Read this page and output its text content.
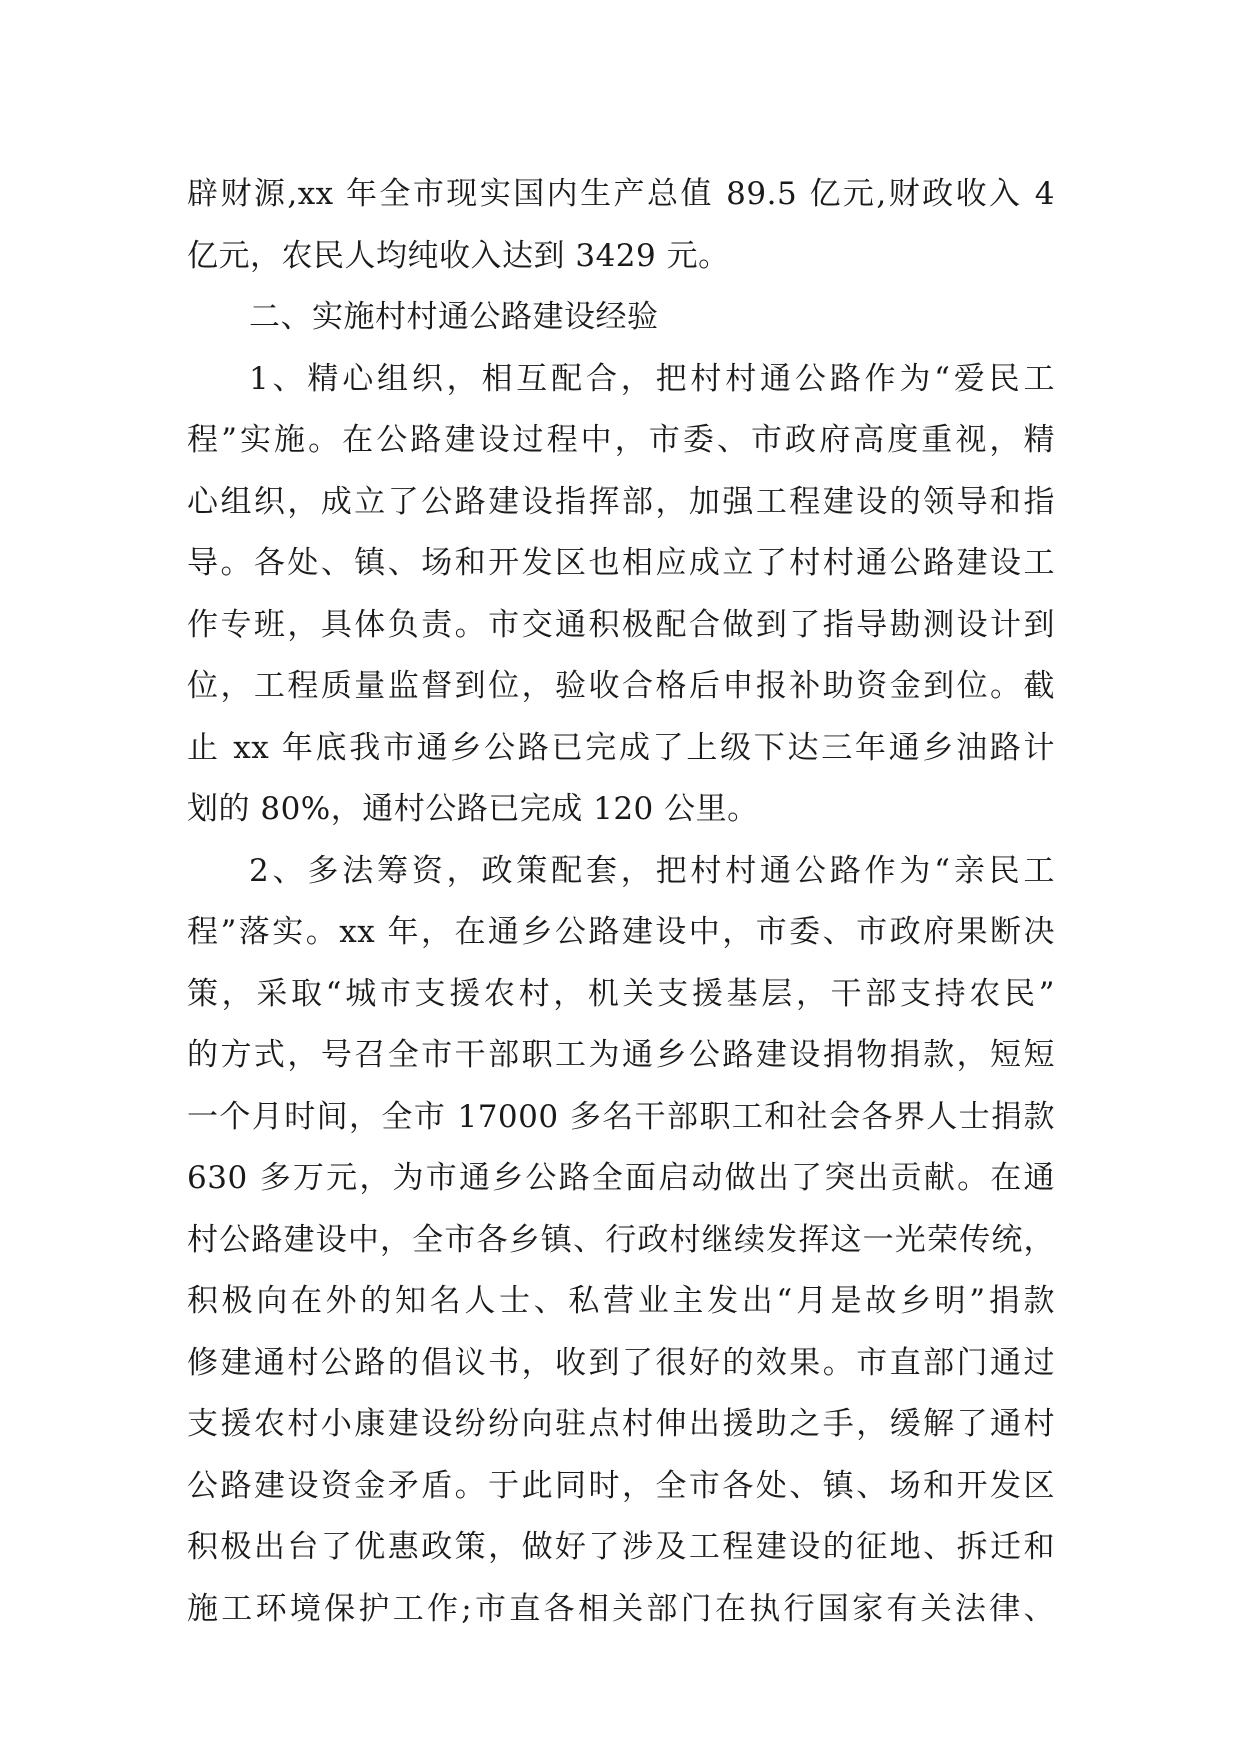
辟财源,xx 年全市现实国内生产总值 89.5 亿元,财政收入 4
亿元，农民人均纯收入达到 3429 元。
二、实施村村通公路建设经验
1、精心组织，相互配合，把村村通公路作为“爱民工
程”实施。在公路建设过程中，市委、市政府高度重视，精
心组织，成立了公路建设指挥部，加强工程建设的领导和指
导。各处、镇、场和开发区也相应成立了村村通公路建设工
作专班，具体负责。市交通积极配合做到了指导勘测设计到
位，工程质量监督到位，验收合格后申报补助资金到位。截
止 xx 年底我市通乡公路已完成了上级下达三年通乡油路计
划的 80%，通村公路已完成 120 公里。
2、多法筹资，政策配套，把村村通公路作为“亲民工
程”落实。xx 年，在通乡公路建设中，市委、市政府果断决
策，采取“城市支援农村，机关支援基层，干部支持农民”
的方式，号召全市干部职工为通乡公路建设捐物捐款，短短
一个月时间，全市 17000 多名干部职工和社会各界人士捐款
630 多万元，为市通乡公路全面启动做出了突出贡献。在通
村公路建设中，全市各乡镇、行政村继续发挥这一光荣传统，
积极向在外的知名人士、私营业主发出“月是故乡明”捐款
修建通村公路的倡议书，收到了很好的效果。市直部门通过
支援农村小康建设纷纷向驻点村伸出援助之手，缓解了通村
公路建设资金矛盾。于此同时，全市各处、镇、场和开发区
积极出台了优惠政策，做好了涉及工程建设的征地、拆迁和
施工环境保护工作;市直各相关部门在执行国家有关法律、
